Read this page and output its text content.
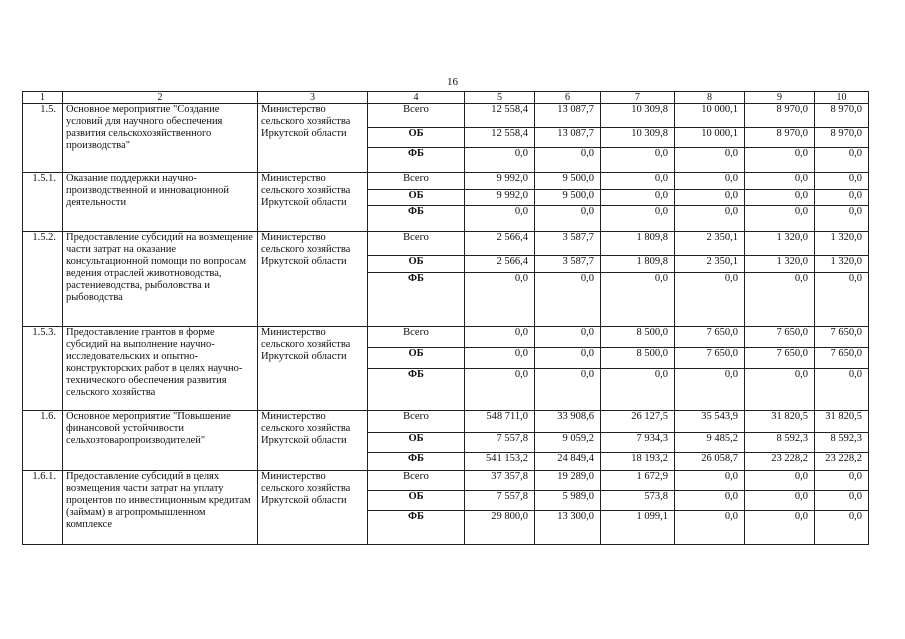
16
1	2	3	4	5	6	7	8	9	10
1.5.	Основное мероприятие "Создание условий для научного обеспечения развития сельскохозяйственного производства"	Министерство сельского хозяйства Иркутской области	Всего	12 558,4	13 087,7	10 309,8	10 000,1	8 970,0	8 970,0
			ОБ	12 558,4	13 087,7	10 309,8	10 000,1	8 970,0	8 970,0
			ФБ	0,0	0,0	0,0	0,0	0,0	0,0
1.5.1.	Оказание поддержки научно-производственной и инновационной деятельности	Министерство сельского хозяйства Иркутской области	Всего	9 992,0	9 500,0	0,0	0,0	0,0	0,0
			ОБ	9 992,0	9 500,0	0,0	0,0	0,0	0,0
			ФБ	0,0	0,0	0,0	0,0	0,0	0,0
1.5.2.	Предоставление субсидий на возмещение части затрат на оказание консультационной помощи по вопросам ведения отраслей животноводства, растениеводства, рыболовства и рыбоводства	Министерство сельского хозяйства Иркутской области	Всего	2 566,4	3 587,7	1 809,8	2 350,1	1 320,0	1 320,0
			ОБ	2 566,4	3 587,7	1 809,8	2 350,1	1 320,0	1 320,0
			ФБ	0,0	0,0	0,0	0,0	0,0	0,0
1.5.3.	Предоставление грантов в форме субсидий на выполнение научно-исследовательских и опытно-конструкторских работ в целях научно-технического обеспечения развития сельского хозяйства	Министерство сельского хозяйства Иркутской области	Всего	0,0	0,0	8 500,0	7 650,0	7 650,0	7 650,0
			ОБ	0,0	0,0	8 500,0	7 650,0	7 650,0	7 650,0
			ФБ	0,0	0,0	0,0	0,0	0,0	0,0
1.6.	Основное мероприятие "Повышение финансовой устойчивости сельхозтоваропроизводителей"	Министерство сельского хозяйства Иркутской области	Всего	548 711,0	33 908,6	26 127,5	35 543,9	31 820,5	31 820,5
			ОБ	7 557,8	9 059,2	7 934,3	9 485,2	8 592,3	8 592,3
			ФБ	541 153,2	24 849,4	18 193,2	26 058,7	23 228,2	23 228,2
1.6.1.	Предоставление субсидий в целях возмещения части затрат на уплату процентов по инвестиционным кредитам (займам) в агропромышленном комплексе	Министерство сельского хозяйства Иркутской области	Всего	37 357,8	19 289,0	1 672,9	0,0	0,0	0,0
			ОБ	7 557,8	5 989,0	573,8	0,0	0,0	0,0
			ФБ	29 800,0	13 300,0	1 099,1	0,0	0,0	0,0
